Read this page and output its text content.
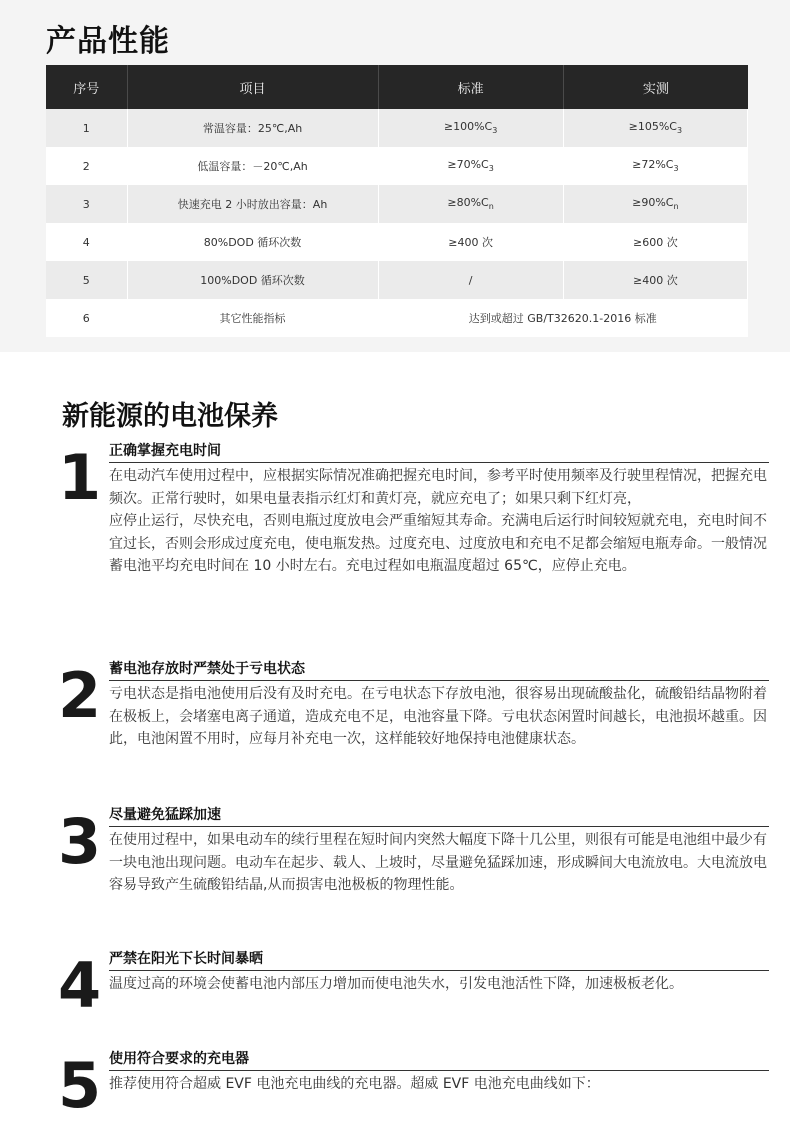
产品性能
序号	项目	标准	实测
1	常温容量：25℃,Ah	$\ge 100\%C_3$	$\ge 105\%C_3$
2	低温容量：－20℃,Ah	$\ge 70\%C_3$	$\ge 72\%C_3$
3	快速充电 2 小时放出容量：Ah	$\ge 80\%C_n$	$\ge 90\%C_n$
4	80%DOD 循环次数	≥400 次	≥600 次
5	100%DOD 循环次数	/	≥400 次
6	其它性能指标	达到或超过 GB/T32620.1-2016 标准	
新能源的电池保养
1 正确掌握充电时间

在电动汽车使用过程中，应根据实际情况准确把握充电时间，参考平时使用频率及行驶里程情况，把握充电频次。正常行驶时，如果电量表指示红灯和黄灯亮，就应充电了；如果只剩下红灯亮，

应停止运行，尽快充电，否则电瓶过度放电会严重缩短其寿命。充满电后运行时间较短就充电，充电时间不宜过长，否则会形成过度充电，使电瓶发热。过度充电、过度放电和充电不足都会缩短电瓶寿命。一般情况蓄电池平均充电时间在 10 小时左右。充电过程如电瓶温度超过 65℃，应停止充电。

2 蓄电池存放时严禁处于亏电状态

亏电状态是指电池使用后没有及时充电。在亏电状态下存放电池，很容易出现硫酸盐化，硫酸铅结晶物附着在极板上，会堵塞电离子通道，造成充电不足，电池容量下降。亏电状态闲置时间越长，电池损坏越重。因此，电池闲置不用时，应每月补充电一次，这样能较好地保持电池健康状态。

3 尽量避免猛踩加速

在使用过程中，如果电动车的续行里程在短时间内突然大幅度下降十几公里，则很有可能是电池组中最少有一块电池出现问题。电动车在起步、载人、上坡时，尽量避免猛踩加速，形成瞬间大电流放电。大电流放电容易导致产生硫酸铅结晶,从而损害电池极板的物理性能。

4 严禁在阳光下长时间暴晒

温度过高的环境会使蓄电池内部压力增加而使电池失水，引发电池活性下降，加速极板老化。

5 使用符合要求的充电器

推荐使用符合超威 EVF 电池充电曲线的充电器。超威 EVF 电池充电曲线如下：
